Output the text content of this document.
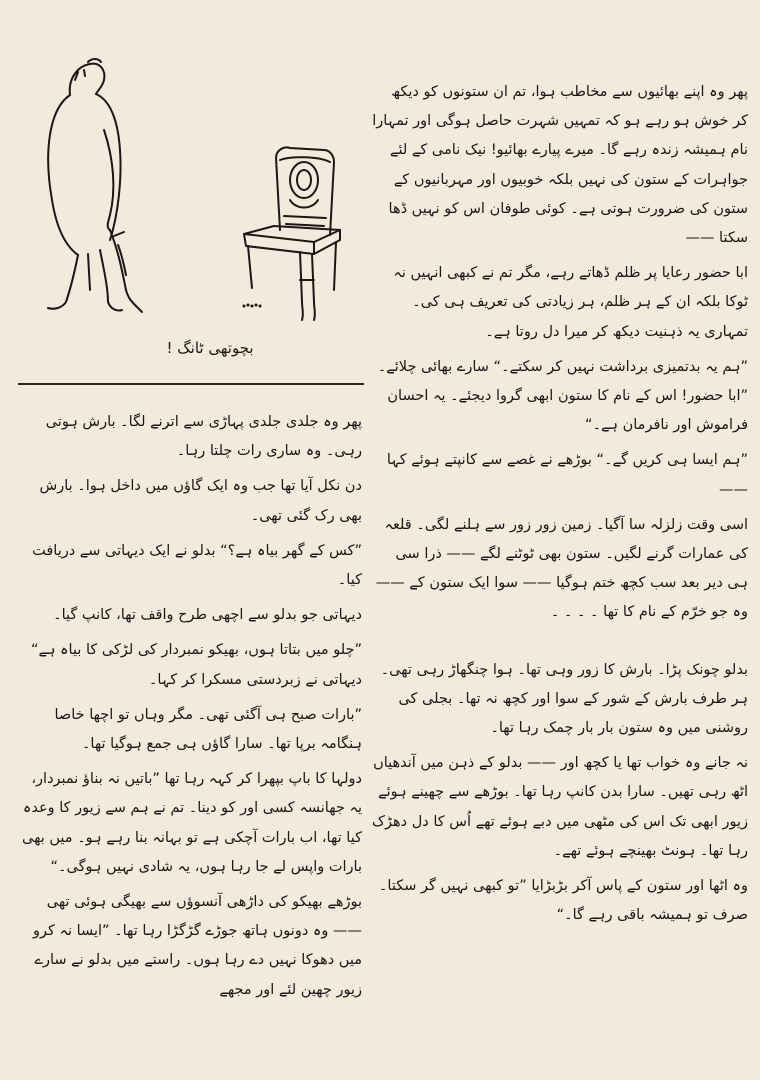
بچوتھی ٹانگ !

پھر وہ اپنے بھائیوں سے مخاطب ہوا، تم ان ستونوں کو دیکھ کر خوش ہو رہے ہو کہ تمہیں شہرت حاصل ہوگی اور تمہارا نام ہمیشہ زندہ رہے گا۔ میرے پیارے بھائیو! نیک نامی کے لئے جواہرات کے ستون کی نہیں بلکہ خوبیوں اور مہربانیوں کے ستون کی ضرورت ہوتی ہے۔ کوئی طوفان اس کو نہیں ڈھا سکتا ——

ابا حضور رعایا پر ظلم ڈھاتے رہے، مگر تم نے کبھی انہیں نہ ٹوکا بلکہ ان کے ہر ظلم، ہر زیادتی کی تعریف ہی کی۔ تمہاری یہ ذہنیت دیکھ کر میرا دل روتا ہے۔

”ہم یہ بدتمیزی برداشت نہیں کر سکتے۔“ سارے بھائی چلائے۔ ”ابا حضور! اس کے نام کا ستون ابھی گروا دیجئے۔ یہ احسان فراموش اور نافرمان ہے۔“

”ہم ایسا ہی کریں گے۔“ بوڑھے نے غصے سے کانپتے ہوئے کہا ——

اسی وقت زلزلہ سا آگیا۔ زمین زور زور سے ہلنے لگی۔ قلعہ کی عمارات گرنے لگیں۔ ستون بھی ٹوٹنے لگے —— ذرا سی ہی دیر بعد سب کچھ ختم ہوگیا —— سوا ایک ستون کے —— وہ جو خرّم کے نام کا تھا ۔ ۔ ۔ ۔

بدلو چونک پڑا۔ بارش کا زور وہی تھا۔ ہوا چنگھاڑ رہی تھی۔ ہر طرف بارش کے شور کے سوا اور کچھ نہ تھا۔ بجلی کی روشنی میں وہ ستون بار بار چمک رہا تھا۔

نہ جانے وہ خواب تھا یا کچھ اور —— بدلو کے ذہن میں آندھیاں اٹھ رہی تھیں۔ سارا بدن کانپ رہا تھا۔ بوڑھے سے چھینے ہوئے زیور ابھی تک اس کی مٹھی میں دبے ہوئے تھے اُس کا دل دھڑک رہا تھا۔ ہونٹ بھینچے ہوئے تھے۔

وہ اٹھا اور ستون کے پاس آکر بڑبڑایا ”تو کبھی نہیں گر سکتا۔ صرف تو ہمیشہ باقی رہے گا۔“

پھر وہ جلدی جلدی پہاڑی سے اترنے لگا۔ بارش ہوتی رہی۔ وہ ساری رات چلتا رہا۔

دن نکل آیا تھا جب وہ ایک گاؤں میں داخل ہوا۔ بارش بھی رک گئی تھی۔

”کس کے گھر بیاہ ہے؟“ بدلو نے ایک دیہاتی سے دریافت کیا۔

دیہاتی جو بدلو سے اچھی طرح واقف تھا، کانپ گیا۔

”چلو میں بتاتا ہوں، بھیکو نمبردار کی لڑکی کا بیاہ ہے“ دیہاتی نے زبردستی مسکرا کر کہا۔

”بارات صبح ہی آگئی تھی۔ مگر وہاں تو اچھا خاصا ہنگامہ برپا تھا۔ سارا گاؤں ہی جمع ہوگیا تھا۔

دولہا کا باپ بپھرا کر کہہ رہا تھا ”باتیں نہ بناؤ نمبردار، یہ جھانسہ کسی اور کو دینا۔ تم نے ہم سے زیور کا وعدہ کیا تھا، اب بارات آچکی ہے تو بہانہ بنا رہے ہو۔ میں بھی بارات واپس لے جا رہا ہوں، یہ شادی نہیں ہوگی۔“

بوڑھے بھیکو کی داڑھی آنسوؤں سے بھیگی ہوئی تھی —— وہ دونوں ہاتھ جوڑے گڑگڑا رہا تھا۔ ”ایسا نہ کرو میں دھوکا نہیں دے رہا ہوں۔ راستے میں بدلو نے سارے زیور چھین لئے اور مجھے
